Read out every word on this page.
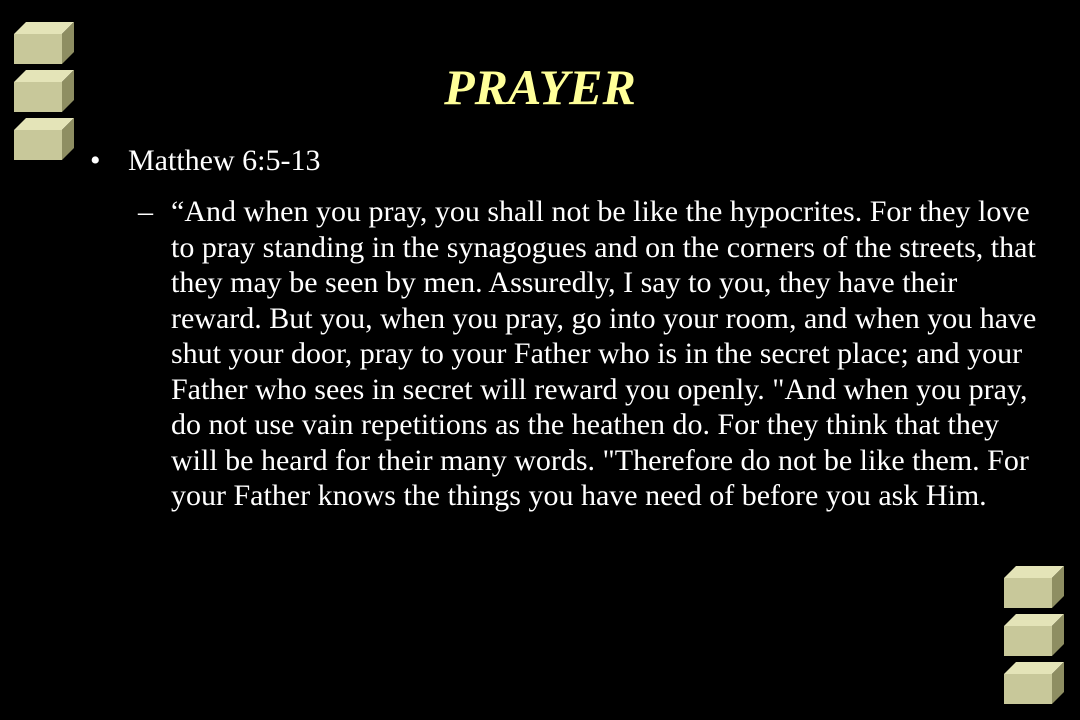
PRAYER
• Matthew 6:5-13
– “And when you pray, you shall not be like the hypocrites. For they love to pray standing in the synagogues and on the corners of the streets, that they may be seen by men. Assuredly, I say to you, they have their reward. But you, when you pray, go into your room, and when you have shut your door, pray to your Father who is in the secret place; and your Father who sees in secret will reward you openly. "And when you pray, do not use vain repetitions as the heathen do. For they think that they will be heard for their many words. "Therefore do not be like them. For your Father knows the things you have need of before you ask Him.
